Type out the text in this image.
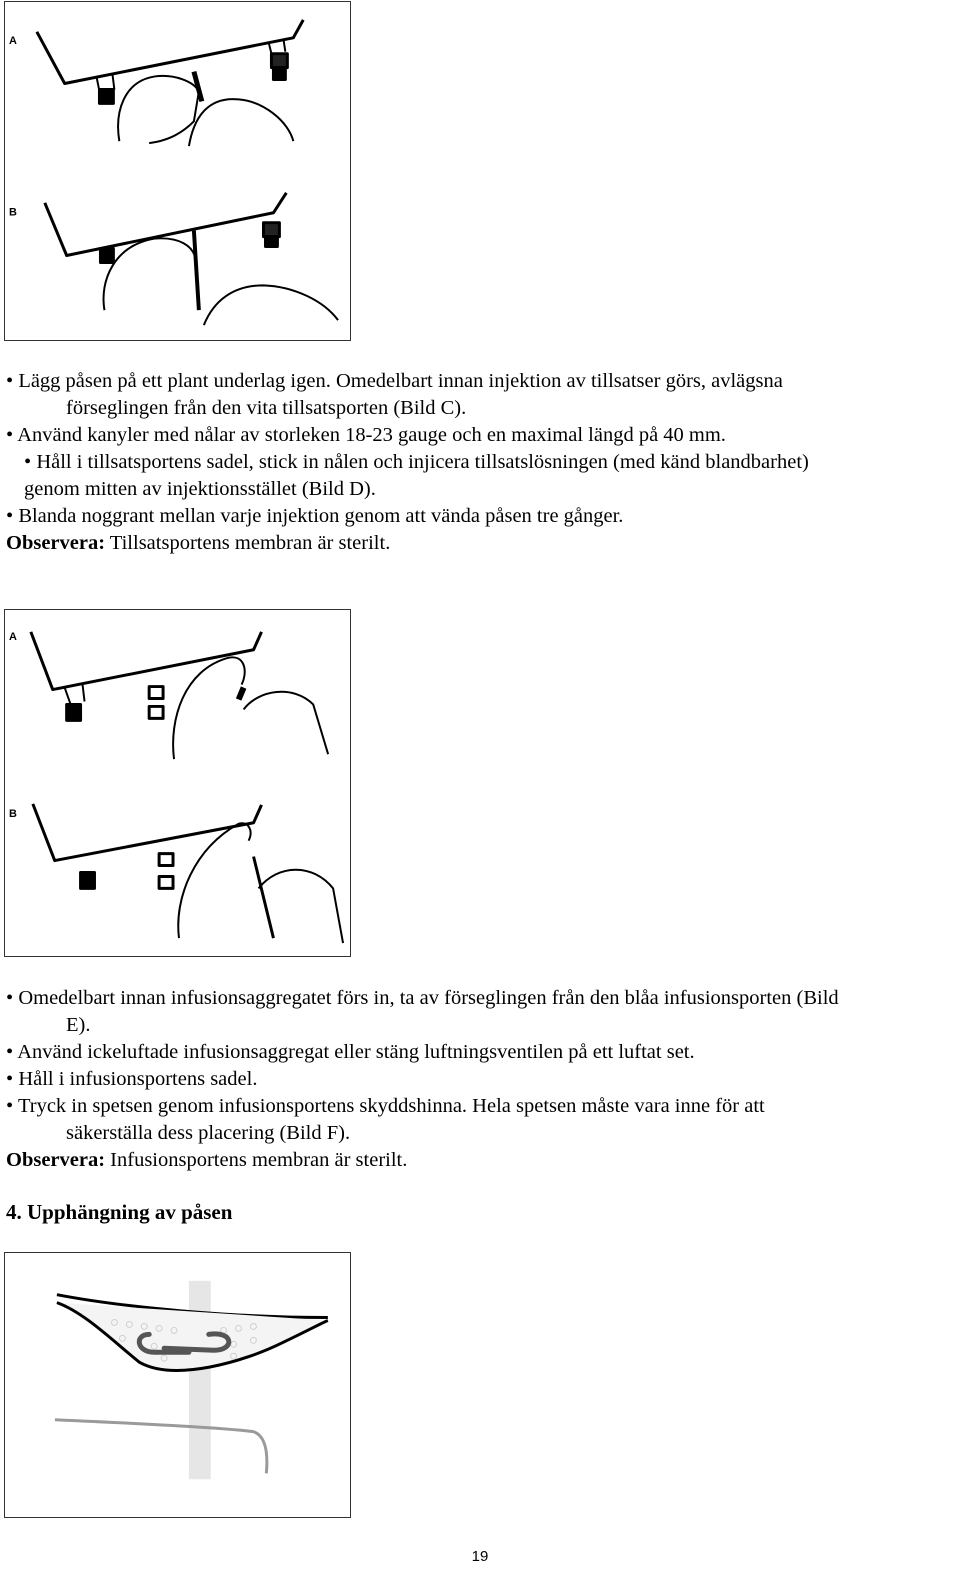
A
B
• Lägg påsen på ett plant underlag igen. Omedelbart innan injektion av tillsatser görs, avlägsna
förseglingen från den vita tillsatsporten (Bild C).
• Använd kanyler med nålar av storleken 18-23 gauge och en maximal längd på 40 mm.
• Håll i tillsatsportens sadel, stick in nålen och injicera tillsatslösningen (med känd blandbarhet)
genom mitten av injektionsstället (Bild D).
• Blanda noggrant mellan varje injektion genom att vända påsen tre gånger.
Observera: Tillsatsportens membran är sterilt.
A
B
• Omedelbart innan infusionsaggregatet förs in, ta av förseglingen från den blåa infusionsporten (Bild
E).
• Använd ickeluftade infusionsaggregat eller stäng luftningsventilen på ett luftat set.
• Håll i infusionsportens sadel.
• Tryck in spetsen genom infusionsportens skyddshinna. Hela spetsen måste vara inne för att
säkerställa dess placering (Bild F).
Observera: Infusionsportens membran är sterilt.
4. Upphängning av påsen
19
